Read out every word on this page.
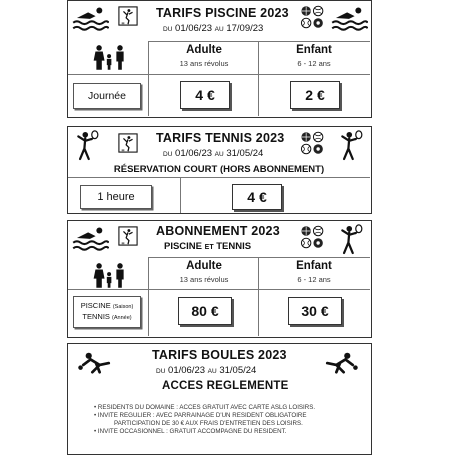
TARIFS PISCINE 2023
DU 01/06/23 AU 17/09/23
Adulte
13 ans révolus
Enfant
6 - 12 ans
Journée	4 €	2 €
TARIFS TENNIS 2023
DU 01/06/23 AU 31/05/24
RÉSERVATION COURT (HORS ABONNEMENT)
1 heure	4 €
ABONNEMENT 2023
PISCINE ET TENNIS
Adulte
13 ans révolus
Enfant
6 - 12 ans
PISCINE (Saison)
TENNIS (Année)	80 €	30 €
TARIFS BOULES 2023
DU 01/06/23 AU 31/05/24
ACCES REGLEMENTE
• RESIDENTS DU DOMAINE : ACCES GRATUIT AVEC CARTE ASLG LOISIRS.
• INVITE REGULIER : AVEC PARRAINAGE D'UN RESIDENT OBLIGATOIRE
PARTICIPATION DE 30 € AUX FRAIS D'ENTRETIEN DES LOISIRS.
• INVITE OCCASIONNEL : GRATUIT ACCOMPAGNE DU RESIDENT.
